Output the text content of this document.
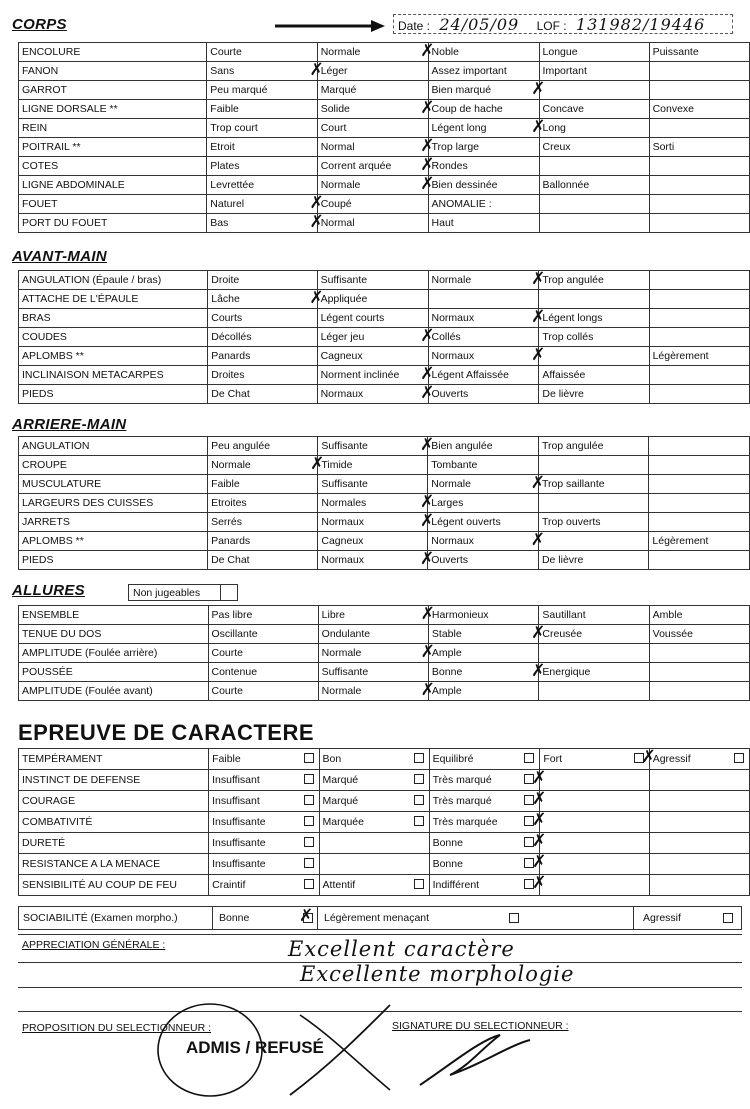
CORPS	Date : 24/05/09 LOF : 131982/19446
ENCOLURE	Courte	Normale ✗	Noble	Longue	Puissante
FANON	Sans ✗	Léger	Assez important	Important	
GARROT	Peu marqué	Marqué	Bien marqué ✗		

LIGNE DORSALE **	Faible	Solide ✗	Coup de hache	Concave	Convexe
REIN	Trop court	Court	Légent long ✗	Long	
POITRAIL **	Etroit	Normal ✗	Trop large	Creux	Sorti
COTES	Plates	Corrent arquée ✗	Rondes		
LIGNE ABDOMINALE	Levrettée	Normale ✗	Bien dessinée	Ballonnée	
FOUET	Naturel ✗	Coupé	ANOMALIE :		
PORT DU FOUET	Bas ✗	Normal	Haut		
AVANT-MAIN
ANGULATION (Épaule / bras)	Droite	Suffisante	Normale ✗	Trop angulée	
ATTACHE DE L'ÉPAULE	Lâche ✗	Appliquée			
BRAS	Courts	Légent courts	Normaux ✗	Légent longs	
COUDES	Décollés	Léger jeu ✗	Collés	Trop collés	
APLOMBS **	Panards	Cagneux	Normaux ✗		Légèrement
INCLINAISON METACARPES	Droites	Norment inclinée ✗	Légent Affaissée	Affaissée	
PIEDS	De Chat	Normaux ✗	Ouverts	De lièvre	
ARRIERE-MAIN
ANGULATION	Peu angulée	Suffisante ✗	Bien angulée	Trop angulée	
CROUPE	Normale ✗	Timide	Tombante		
MUSCULATURE	Faible	Suffisante	Normale ✗	Trop saillante	
LARGEURS DES CUISSES	Etroites	Normales ✗	Larges		
JARRETS	Serrés	Normaux ✗	Légent ouverts	Trop ouverts	
APLOMBS **	Panards	Cagneux	Normaux ✗		Légèrement
PIEDS	De Chat	Normaux ✗	Ouverts	De lièvre	
ALLURES	Non jugeables
ENSEMBLE	Pas libre	Libre ✗	Harmonieux	Sautillant	Amble
TENUE DU DOS	Oscillante	Ondulante	Stable ✗	Creusée	Voussée
AMPLITUDE (Foulée arrière)	Courte	Normale ✗	Ample		
POUSSÉE	Contenue	Suffisante	Bonne ✗	Energique	
AMPLITUDE (Foulée avant)	Courte	Normale ✗	Ample		
EPREUVE DE CARACTERE
TEMPÉRAMENT	Faible	Bon	Equilibré	Fort ✗	Agressif

INSTINCT DE DEFENSE	Insuffisant	Marqué	Très marqué ✗		

COURAGE	Insuffisant	Marqué	Très marqué ✗		

COMBATIVITÉ	Insuffisante	Marquée	Très marquée ✗		

DURETÉ	Insuffisante		Bonne ✗		

RESISTANCE A LA MENACE	Insuffisante		Bonne ✗		

SENSIBILITÉ AU COUP DE FEU	Craintif	Attentif	Indifférent ✗		

SOCIABILITÉ (Examen morpho.)	Bonne	✗ Légèrement menaçant	Agressif
APPRECIATION GÉNÉRALE :	Excellent caractère
Excellente morphologie
PROPOSITION DU SELECTIONNEUR :	SIGNATURE DU SELECTIONNEUR :
ADMIS / REFUSÉ
